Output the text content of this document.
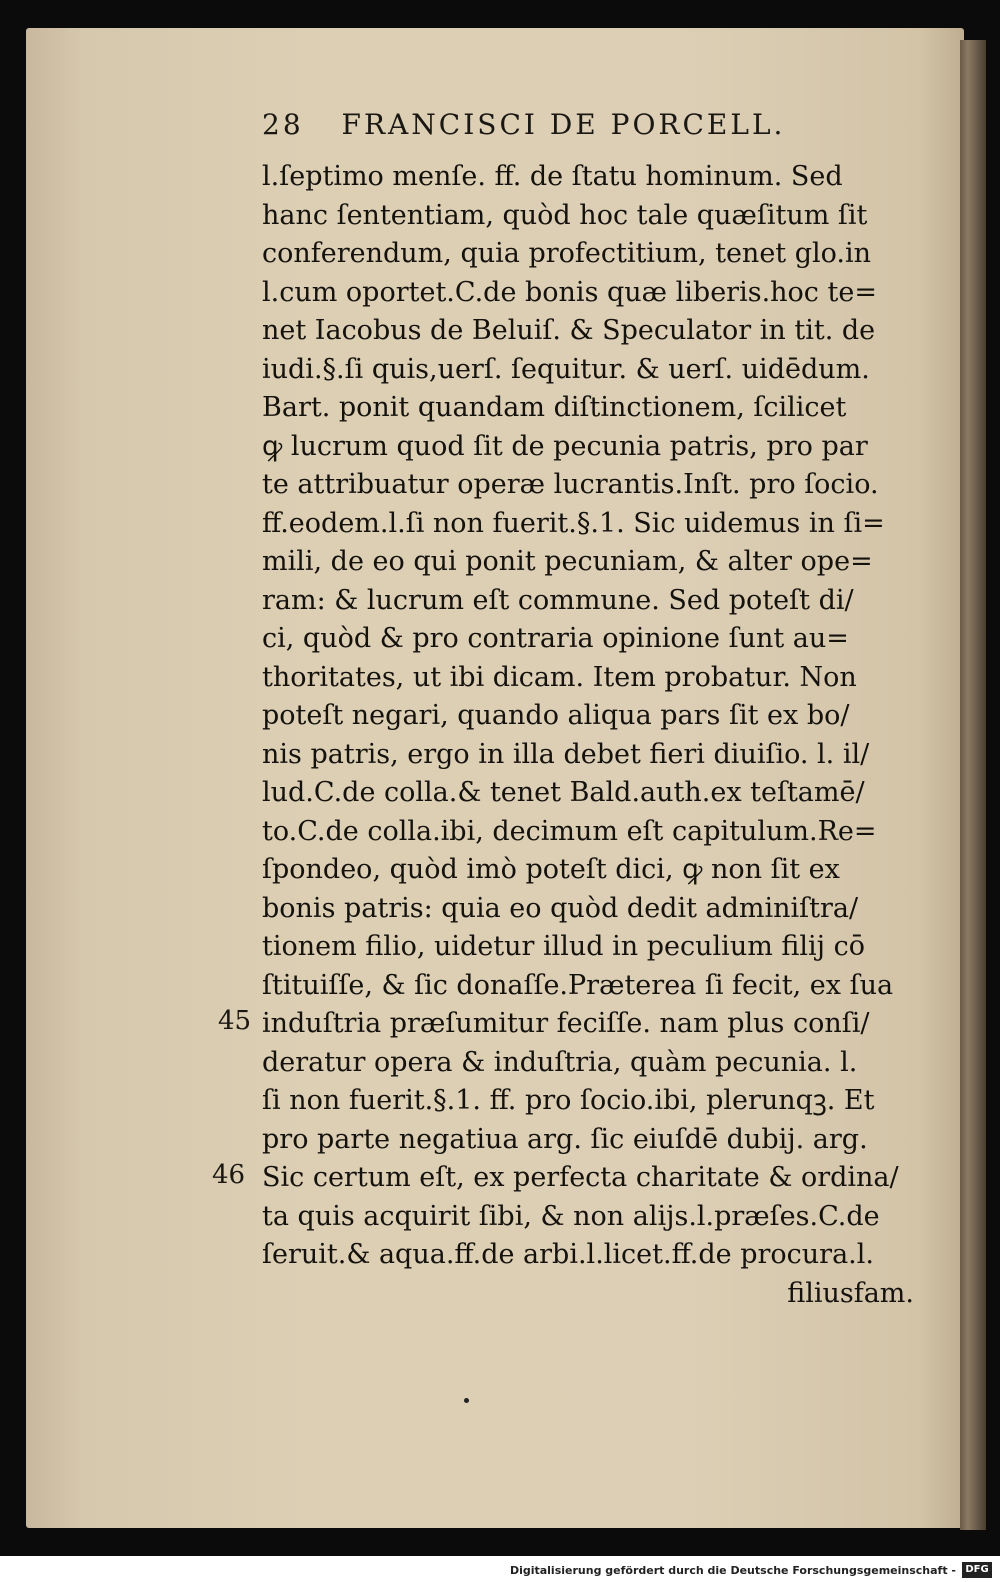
28 FRANCISCI DE PORCELL.
l.ſeptimo menſe. ff. de ſtatu hominum. Sed
hanc ſententiam, quòd hoc tale quæſitum ſit
conferendum, quia profectitium, tenet glo.in
l.cum oportet.C.de bonis quæ liberis.hoc te=
net Iacobus de Beluiſ. & Speculator in tit. de
iudi.§.ſi quis,uerſ. ſequitur. & uerſ. uidēdum.
Bart. ponit quandam diſtinctionem, ſcilicet
ꝙ lucrum quod ſit de pecunia patris, pro par
te attribuatur operæ lucrantis.Inſt. pro ſocio.
ff.eodem.l.ſi non fuerit.§.1. Sic uidemus in ſi=
mili, de eo qui ponit pecuniam, & alter ope=
ram: & lucrum eſt commune. Sed poteſt di/
ci, quòd & pro contraria opinione ſunt au=
thoritates, ut ibi dicam. Item probatur. Non
poteſt negari, quando aliqua pars ſit ex bo/
nis patris, ergo in illa debet fieri diuiſio. l. il/
lud.C.de colla.& tenet Bald.auth.ex teſtamē/
to.C.de colla.ibi, decimum eſt capitulum.Re=
ſpondeo, quòd imò poteſt dici, ꝙ non ſit ex
bonis patris: quia eo quòd dedit adminiſtra/
tionem filio, uidetur illud in peculium filij cō
ſtituiſſe, & ſic donaſſe.Præterea ſi fecit, ex ſua
induſtria præſumitur feciſſe. nam plus conſi/
deratur opera & induſtria, quàm pecunia. l.
ſi non fuerit.§.1. ff. pro ſocio.ibi, plerunqꝫ. Et
pro parte negatiua arg. ſic eiuſdē dubij. arg.
Sic certum eſt, ex perfecta charitate & ordina/
ta quis acquirit ſibi, & non alijs.l.præſes.C.de
ſeruit.& aqua.ff.de arbi.l.licet.ff.de procura.l.
filiusfam.
45
46
Digitalisierung gefördert durch die Deutsche Forschungsgemeinschaft - DFG
